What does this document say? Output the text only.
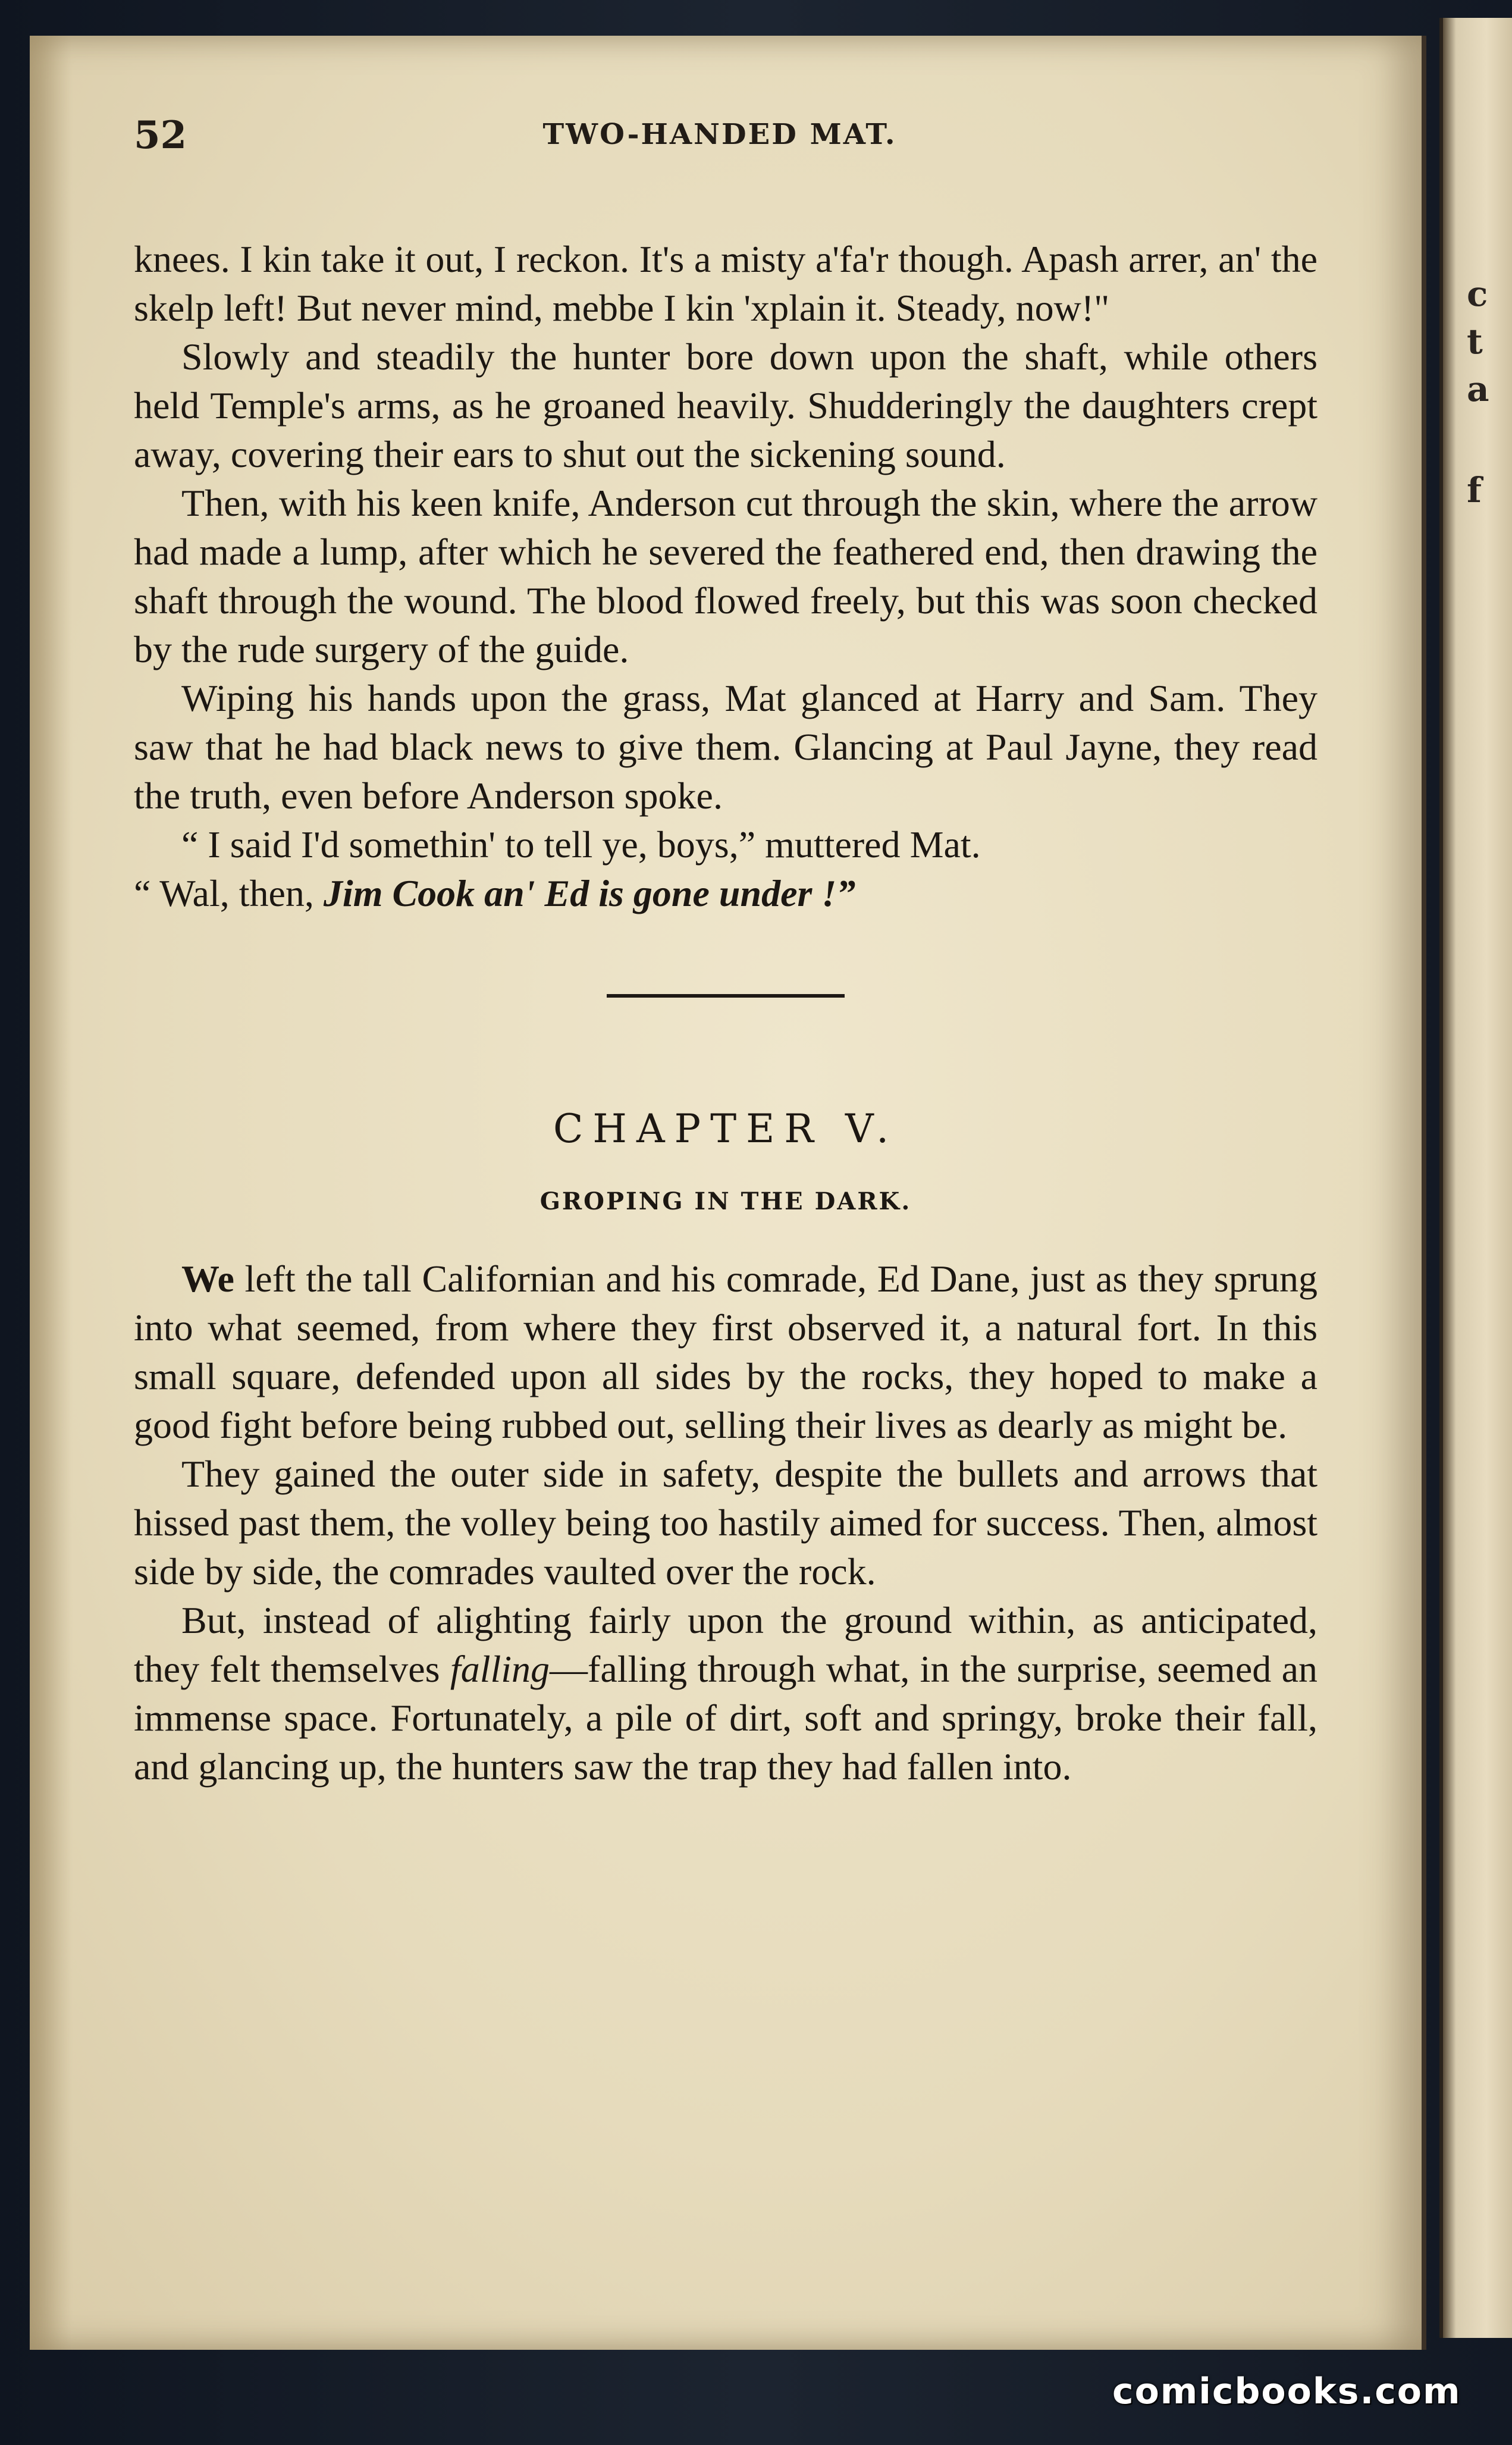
c
t
a
f
52	TWO-HANDED MAT.

knees. I kin take it out, I reckon. It's a misty a'fa'r though. Apash arrer, an' the skelp left! But never mind, mebbe I kin 'xplain it. Steady, now!"

Slowly and steadily the hunter bore down upon the shaft, while others held Temple's arms, as he groaned heavily. Shudderingly the daughters crept away, covering their ears to shut out the sickening sound.

Then, with his keen knife, Anderson cut through the skin, where the arrow had made a lump, after which he severed the feathered end, then drawing the shaft through the wound. The blood flowed freely, but this was soon checked by the rude surgery of the guide.

Wiping his hands upon the grass, Mat glanced at Harry and Sam. They saw that he had black news to give them. Glancing at Paul Jayne, they read the truth, even before Anderson spoke.

“ I said I'd somethin' to tell ye, boys,” muttered Mat.

“ Wal, then, Jim Cook an' Ed is gone under !”

CHAPTER V.
GROPING IN THE DARK.

We left the tall Californian and his comrade, Ed Dane, just as they sprung into what seemed, from where they first observed it, a natural fort. In this small square, defended upon all sides by the rocks, they hoped to make a good fight before being rubbed out, selling their lives as dearly as might be.

They gained the outer side in safety, despite the bullets and arrows that hissed past them, the volley being too hastily aimed for success. Then, almost side by side, the comrades vaulted over the rock.

But, instead of alighting fairly upon the ground within, as anticipated, they felt themselves falling—falling through what, in the surprise, seemed an immense space. Fortunately, a pile of dirt, soft and springy, broke their fall, and glancing up, the hunters saw the trap they had fallen into.

comicbooks.com
